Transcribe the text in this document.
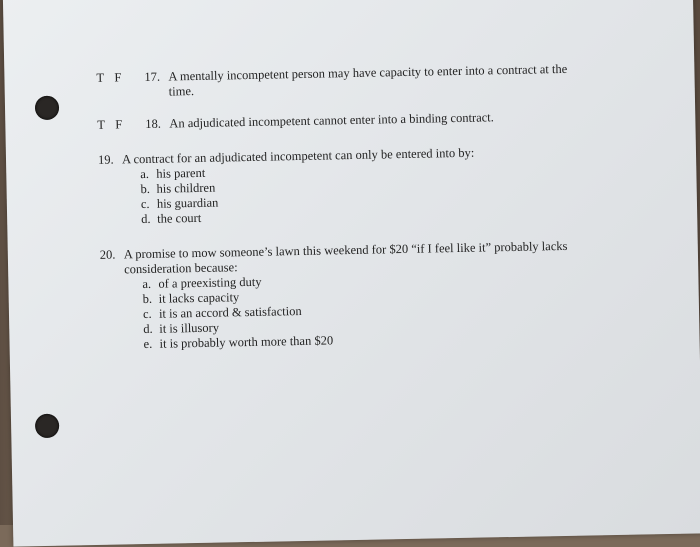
T F	17. A mentally incompetent person may have capacity to enter into a contract at the
time.
T F	18. An adjudicated incompetent cannot enter into a binding contract.
19. A contract for an adjudicated incompetent can only be entered into by:
a. his parent
b. his children
c. his guardian
d. the court
20. A promise to mow someone’s lawn this weekend for $20 “if I feel like it” probably lacks
consideration because:
a. of a preexisting duty
b. it lacks capacity
c. it is an accord & satisfaction
d. it is illusory
e. it is probably worth more than $20
